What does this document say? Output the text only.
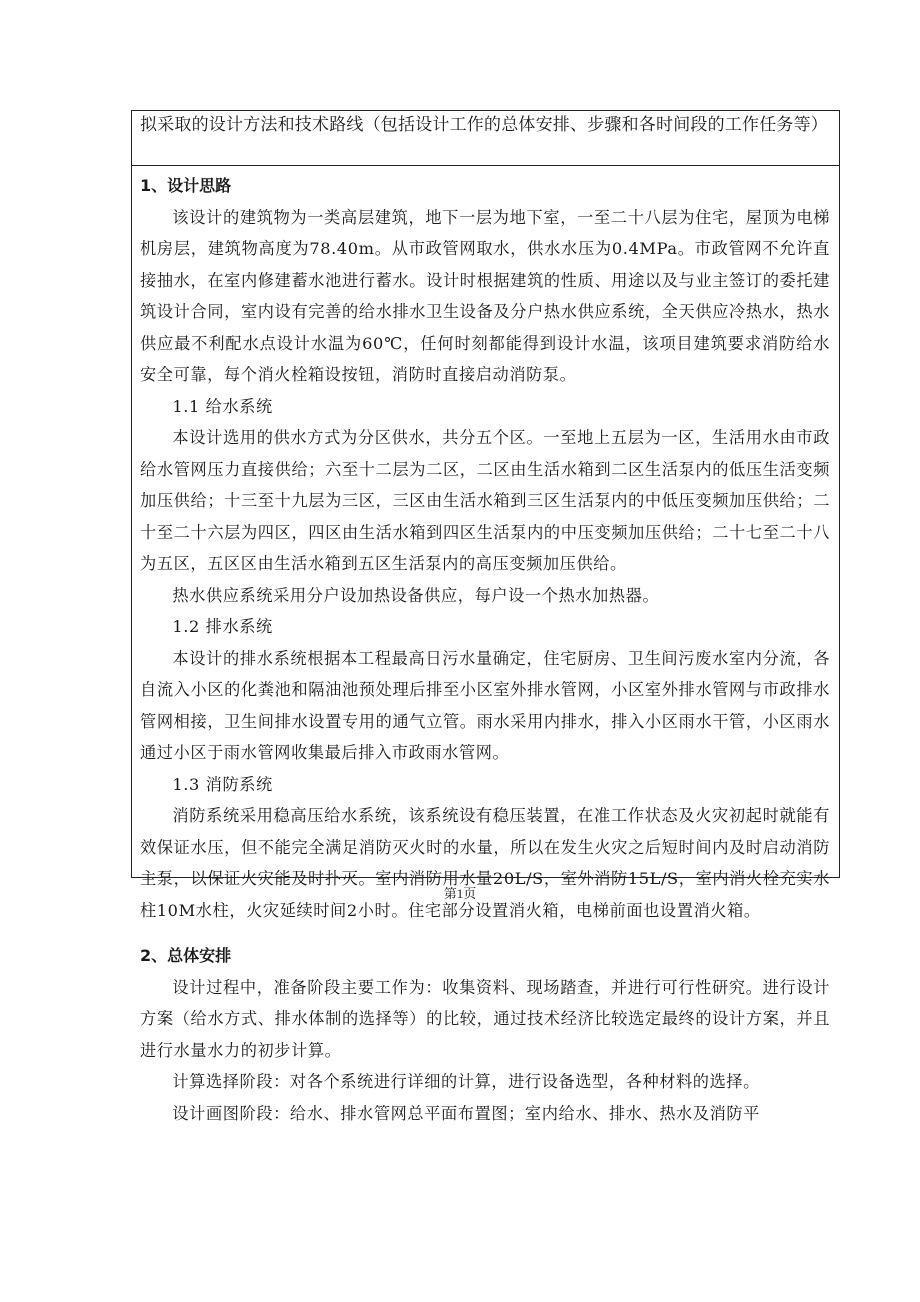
拟采取的设计方法和技术路线（包括设计工作的总体安排、步骤和各时间段的工作任务等）

1、设计思路

该设计的建筑物为一类高层建筑，地下一层为地下室，一至二十八层为住宅，屋顶为电梯机房层，建筑物高度为78.40m。从市政管网取水，供水水压为0.4MPa。市政管网不允许直接抽水，在室内修建蓄水池进行蓄水。设计时根据建筑的性质、用途以及与业主签订的委托建筑设计合同，室内设有完善的给水排水卫生设备及分户热水供应系统，全天供应冷热水，热水供应最不利配水点设计水温为60℃，任何时刻都能得到设计水温，该项目建筑要求消防给水安全可靠，每个消火栓箱设按钮，消防时直接启动消防泵。

1.1 给水系统

本设计选用的供水方式为分区供水，共分五个区。一至地上五层为一区，生活用水由市政给水管网压力直接供给；六至十二层为二区，二区由生活水箱到二区生活泵内的低压生活变频加压供给；十三至十九层为三区，三区由生活水箱到三区生活泵内的中低压变频加压供给；二十至二十六层为四区，四区由生活水箱到四区生活泵内的中压变频加压供给；二十七至二十八为五区，五区区由生活水箱到五区生活泵内的高压变频加压供给。

热水供应系统采用分户设加热设备供应，每户设一个热水加热器。

1.2 排水系统

本设计的排水系统根据本工程最高日污水量确定，住宅厨房、卫生间污废水室内分流，各自流入小区的化粪池和隔油池预处理后排至小区室外排水管网，小区室外排水管网与市政排水管网相接，卫生间排水设置专用的通气立管。雨水采用内排水，排入小区雨水干管，小区雨水通过小区于雨水管网收集最后排入市政雨水管网。

1.3 消防系统

消防系统采用稳高压给水系统，该系统设有稳压装置，在准工作状态及火灾初起时就能有效保证水压，但不能完全满足消防灭火时的水量，所以在发生火灾之后短时间内及时启动消防主泵，以保证火灾能及时扑灭。室内消防用水量20L/S，室外消防15L/S，室内消火栓充实水柱10M水柱，火灾延续时间2小时。住宅部分设置消火箱，电梯前面也设置消火箱。

2、总体安排

设计过程中，准备阶段主要工作为：收集资料、现场踏查，并进行可行性研究。进行设计方案（给水方式、排水体制的选择等）的比较，通过技术经济比较选定最终的设计方案，并且进行水量水力的初步计算。

计算选择阶段：对各个系统进行详细的计算，进行设备选型，各种材料的选择。

设计画图阶段：给水、排水管网总平面布置图；室内给水、排水、热水及消防平

第1页
